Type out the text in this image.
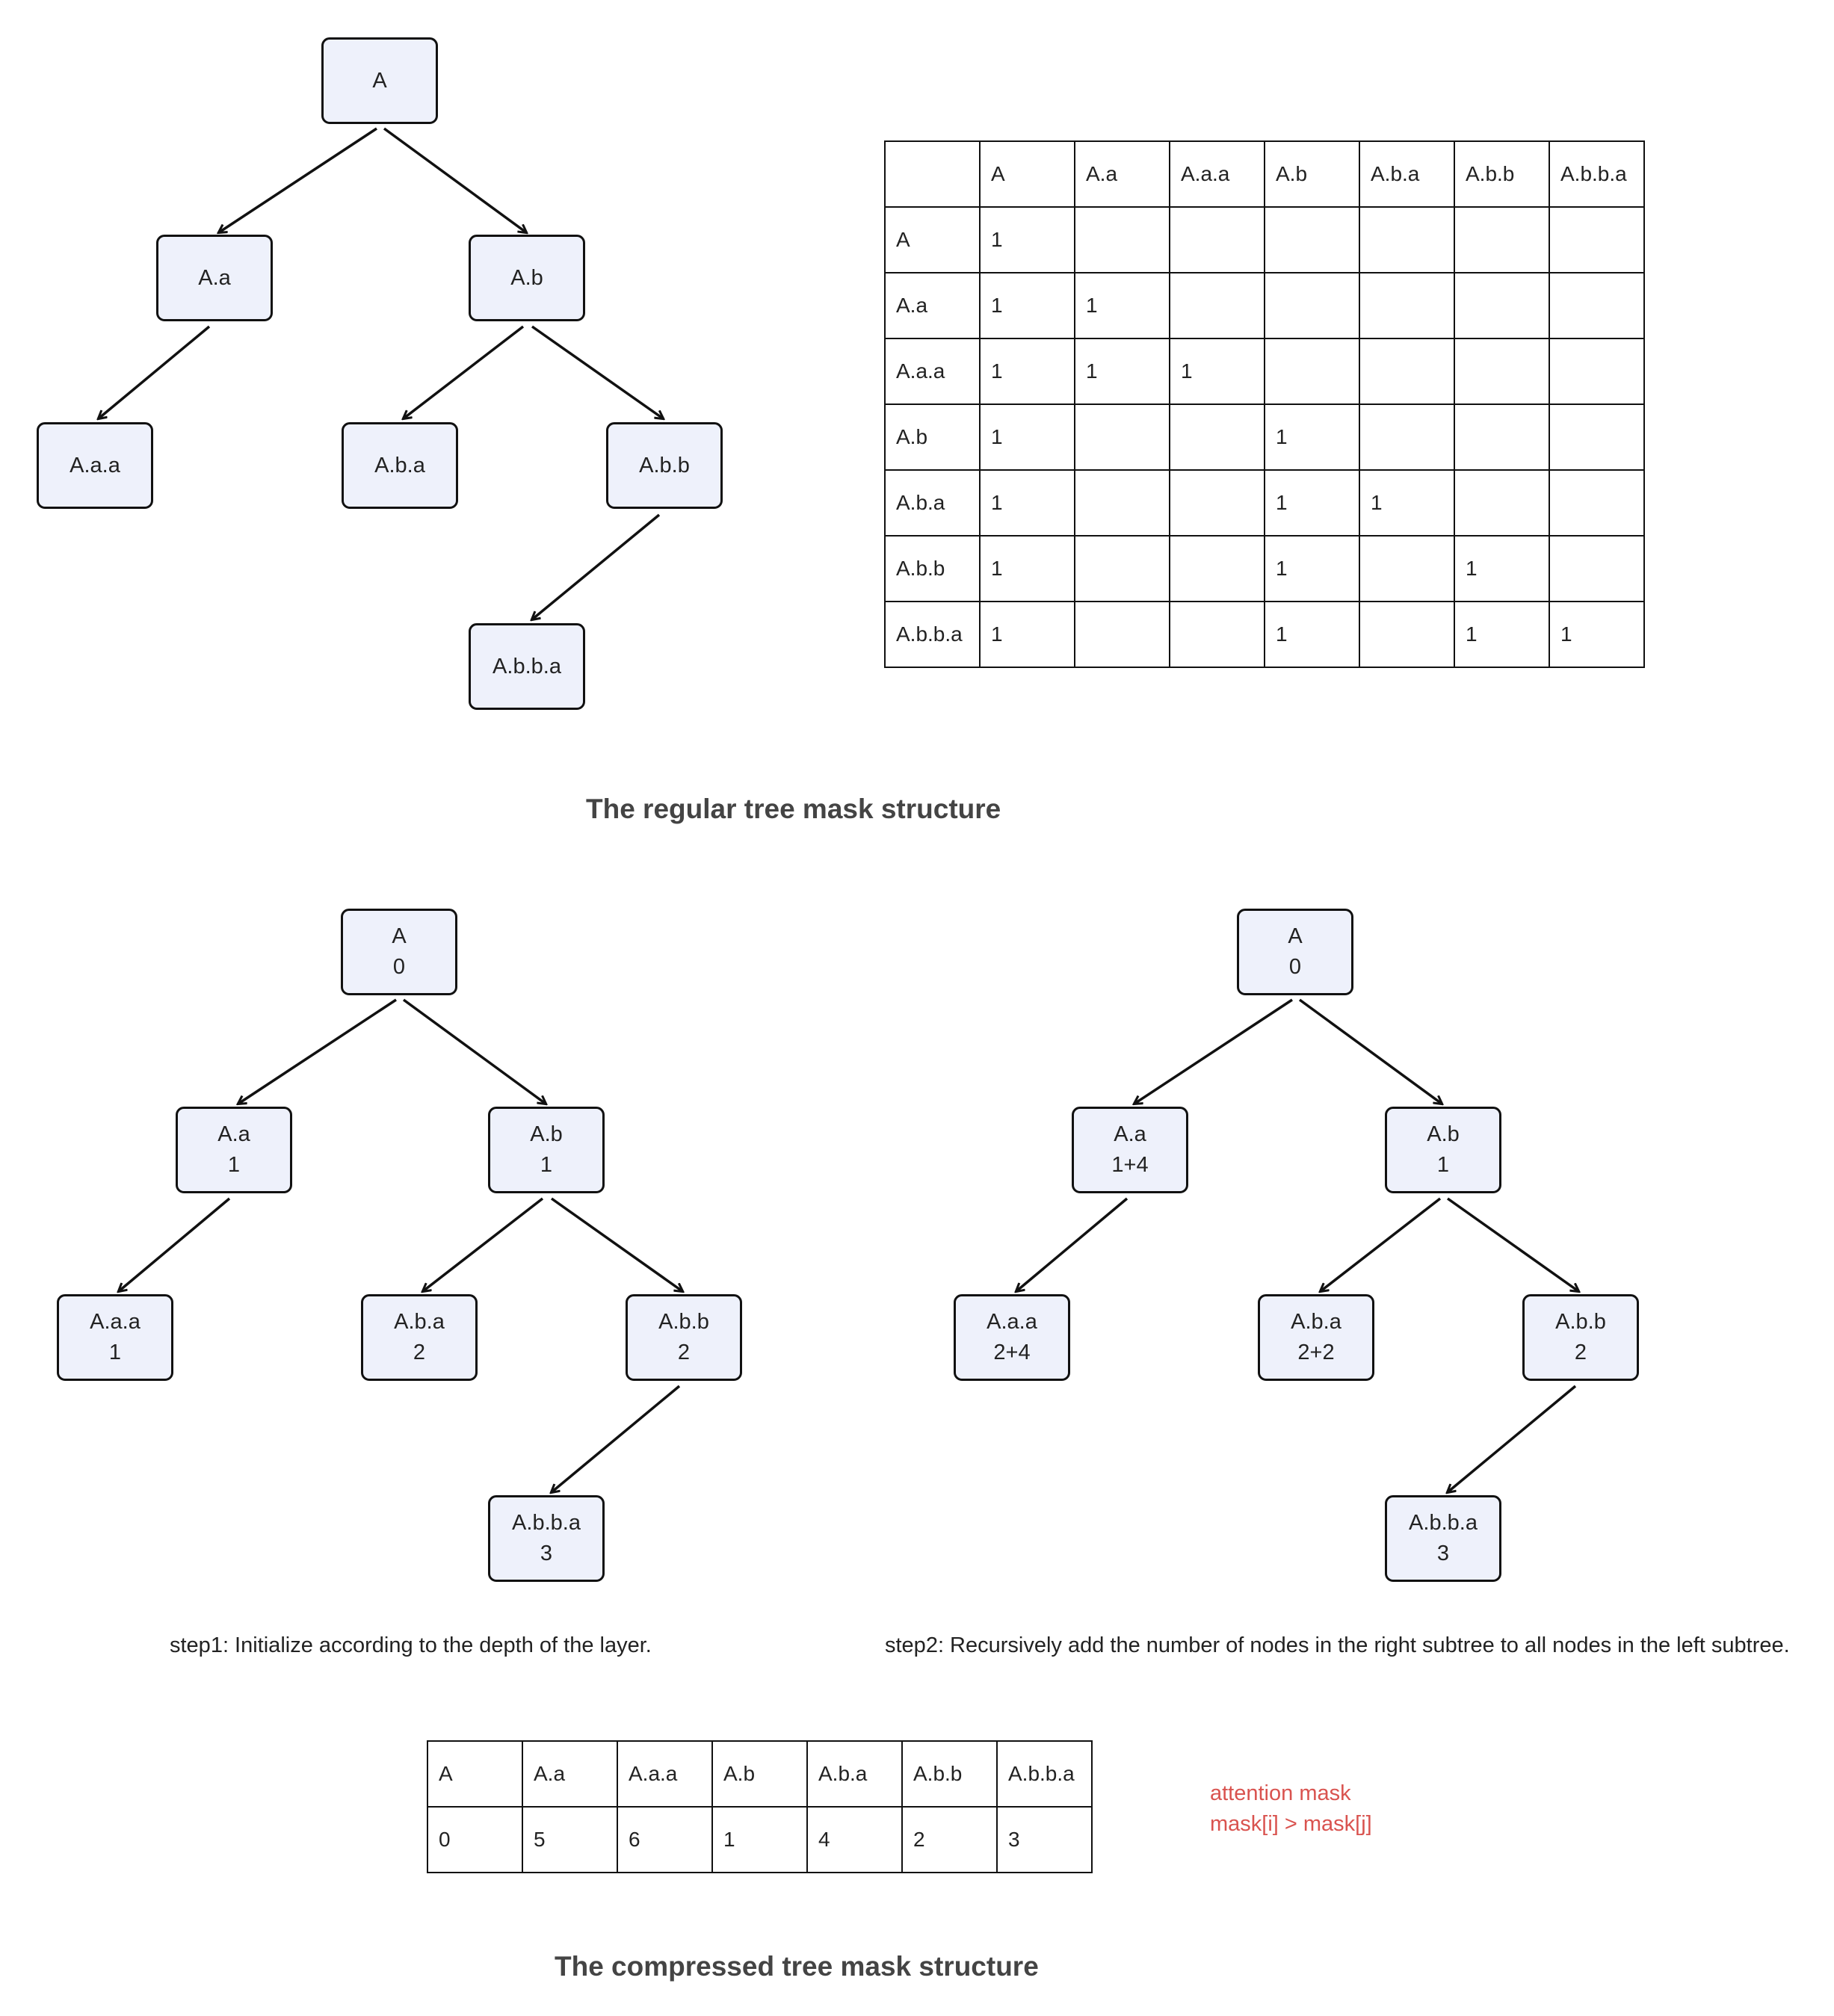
A
A.a	A.b
A.a.a	A.b.a	A.b.b
A.b.b.a
	A	A.a	A.a.a	A.b	A.b.a	A.b.b	A.b.b.a
A	1						
A.a	1	1					
A.a.a	1	1	1				
A.b	1			1			
A.b.a	1			1	1		
A.b.b	1			1		1	
A.b.b.a	1			1		1	1
The regular tree mask structure
A
0
A.a
1
A.b
1
A.a.a
1
A.b.a
2
A.b.b
2
A.b.b.a
3
step1: Initialize according to the depth of the layer.
A
0
A.a
1+4
A.b
1
A.a.a
2+4
A.b.a
2+2
A.b.b
2
A.b.b.a
3
step2: Recursively add the number of nodes in the right subtree to all nodes in the left subtree.
A	A.a	A.a.a	A.b	A.b.a	A.b.b	A.b.b.a
0	5	6	1	4	2	3
attention mask
mask[i] > mask[j]
The compressed tree mask structure
